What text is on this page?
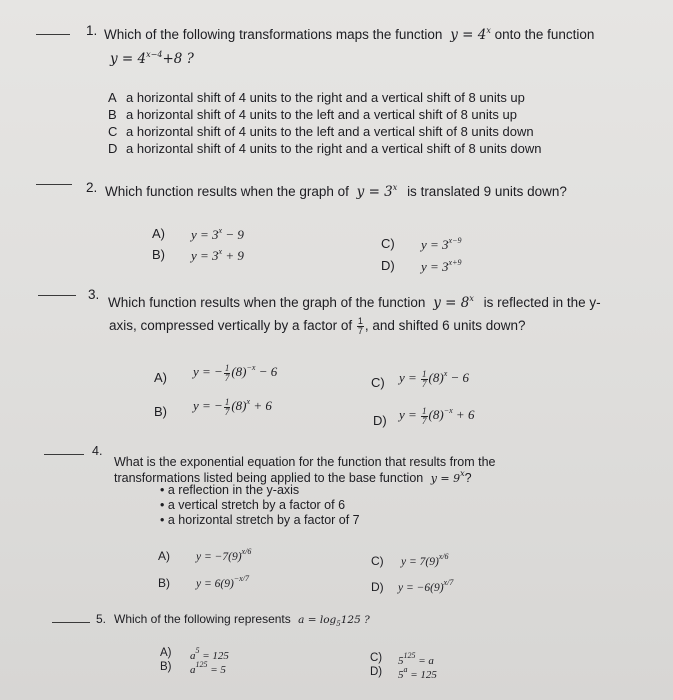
1. Which of the following transformations maps the function $y = 4^x$ onto the function
$y = 4^{x-4}+8$ ?
A a horizontal shift of 4 units to the right and a vertical shift of 8 units up
B a horizontal shift of 4 units to the left and a vertical shift of 8 units up
C a horizontal shift of 4 units to the left and a vertical shift of 8 units down
D a horizontal shift of 4 units to the right and a vertical shift of 8 units down
2. Which function results when the graph of $y = 3^x$ is translated 9 units down?
A) $y = 3^x - 9$
B) $y = 3^x + 9$
C) $y = 3^{x-9}$
D) $y = 3^{x+9}$
3.
Which function results when the graph of the function $y = 8^x$ is reflected in the y-
axis, compressed vertically by a factor of $\frac{1}{7}$ , and shifted 6 units down?
A) y = − $\frac{1}{7} (8)^{-x} - 6$
B) y = − $\frac{1}{7} (8)^x + 6$
C) $y = \frac{1}{7} (8)^x - 6$
D) $y = \frac{1}{7} (8)^{-x} + 6$
4.
What is the exponential equation for the function that results from the
transformations listed being applied to the base function $y = 9^x$?
• a reflection in the y-axis
• a vertical stretch by a factor of 6
• a horizontal stretch by a factor of 7
A) $y = -7(9)^{x/6}$
B) $y = 6(9)^{-x/7}$
C) $y = 7(9)^{x/6}$
D) $y = -6(9)^{x/7}$
5. Which of the following represents $a = \log_5125$ ?
A) $a^5 = 125$
B) $a^{125} = 5$
C) $5^{125} = a$
D) $5^a = 125$
